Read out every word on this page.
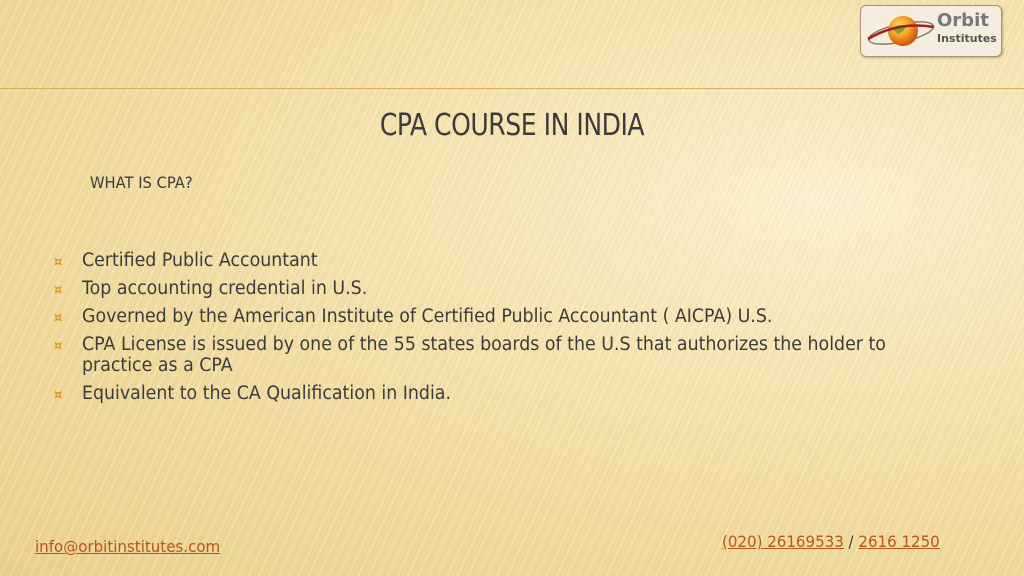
Orbit
Institutes
CPA COURSE IN INDIA
WHAT IS CPA?
¤ Certified Public Accountant
¤ Top accounting credential in U.S.
¤ Governed by the American Institute of Certified Public Accountant ( AICPA) U.S.
¤ CPA License is issued by one of the 55 states boards of the U.S that authorizes the holder to practice as a CPA
¤ Equivalent to the CA Qualification in India.
info@orbitinstitutes.com	(020) 26169533 / 2616 1250
